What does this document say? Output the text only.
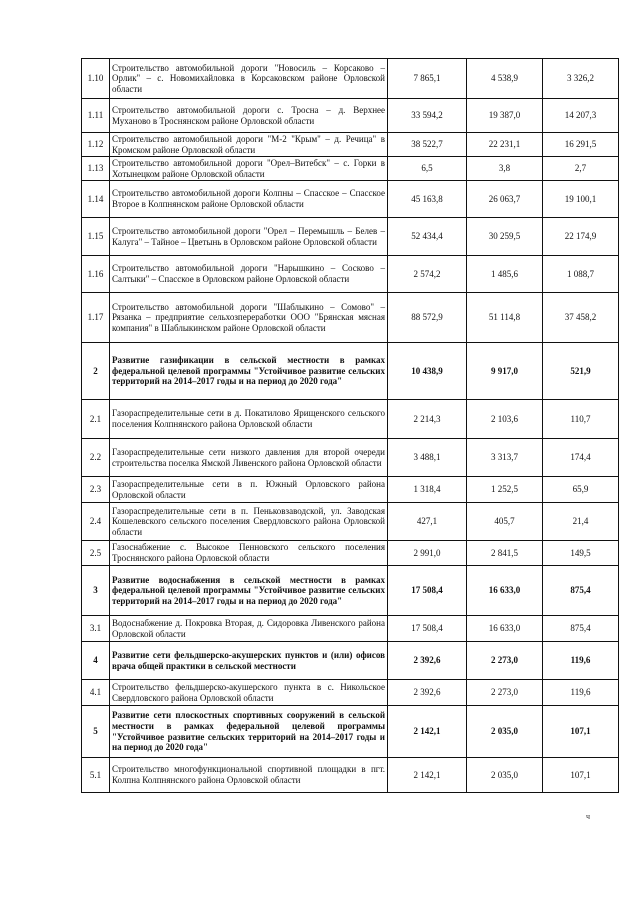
1.10	Строительство автомобильной дороги "Новосиль – Корсаково – Орлик" – с. Новомихайловка в Корсаковском районе Орловской области	7 865,1	4 538,9	3 326,2
1.11	Строительство автомобильной дороги с. Тросна – д. Верхнее Муханово в Троснянском районе Орловской области	33 594,2	19 387,0	14 207,3
1.12	Строительство автомобильной дороги "М-2 "Крым" – д. Речица" в Кромском районе Орловской области	38 522,7	22 231,1	16 291,5
1.13	Строительство автомобильной дороги "Орел–Витебск" – с. Горки в Хотынецком районе Орловской области	6,5	3,8	2,7
1.14	Строительство автомобильной дороги Колпны – Спасское – Спасское Второе в Колпнянском районе Орловской области	45 163,8	26 063,7	19 100,1
1.15	Строительство автомобильной дороги "Орел – Перемышль – Белев – Калуга" – Тайное – Цветынь в Орловском районе Орловской области	52 434,4	30 259,5	22 174,9
1.16	Строительство автомобильной дороги "Нарышкино – Сосково – Салтыки" – Спасское в Орловском районе Орловской области	2 574,2	1 485,6	1 088,7
1.17	Строительство автомобильной дороги "Шаблыкино – Сомово" – Рязанка – предприятие сельхозпереработки ООО "Брянская мясная компания" в Шаблыкинском районе Орловской области	88 572,9	51 114,8	37 458,2
2	Развитие газификации в сельской местности в рамках федеральной целевой программы "Устойчивое развитие сельских территорий на 2014–2017 годы и на период до 2020 года"	10 438,9	9 917,0	521,9
2.1	Газораспределительные сети в д. Покатилово Ярищенского сельского поселения Колпнянского района Орловской области	2 214,3	2 103,6	110,7
2.2	Газораспределительные сети низкого давления для второй очереди строительства поселка Ямской Ливенского района Орловской области	3 488,1	3 313,7	174,4
2.3	Газораспределительные сети в п. Южный Орловского района Орловской области	1 318,4	1 252,5	65,9
2.4	Газораспределительные сети в п. Пеньковзаводской, ул. Заводская Кошелевского сельского поселения Свердловского района Орловской области	427,1	405,7	21,4
2.5	Газоснабжение с. Высокое Пенновского сельского поселения Троснянского района Орловской области	2 991,0	2 841,5	149,5
3	Развитие водоснабжения в сельской местности в рамках федеральной целевой программы "Устойчивое развитие сельских территорий на 2014–2017 годы и на период до 2020 года"	17 508,4	16 633,0	875,4
3.1	Водоснабжение д. Покровка Вторая, д. Сидоровка Ливенского района Орловской области	17 508,4	16 633,0	875,4
4	Развитие сети фельдшерско-акушерских пунктов и (или) офисов врача общей практики в сельской местности	2 392,6	2 273,0	119,6
4.1	Строительство фельдшерско-акушерского пункта в с. Никольское Свердловского района Орловской области	2 392,6	2 273,0	119,6
5	Развитие сети плоскостных спортивных сооружений в сельской местности в рамках федеральной целевой программы "Устойчивое развитие сельских территорий на 2014–2017 годы и на период до 2020 года"	2 142,1	2 035,0	107,1
5.1	Строительство многофункциональной спортивной площадки в пгт. Колпна Колпнянского района Орловской области	2 142,1	2 035,0	107,1
ч
